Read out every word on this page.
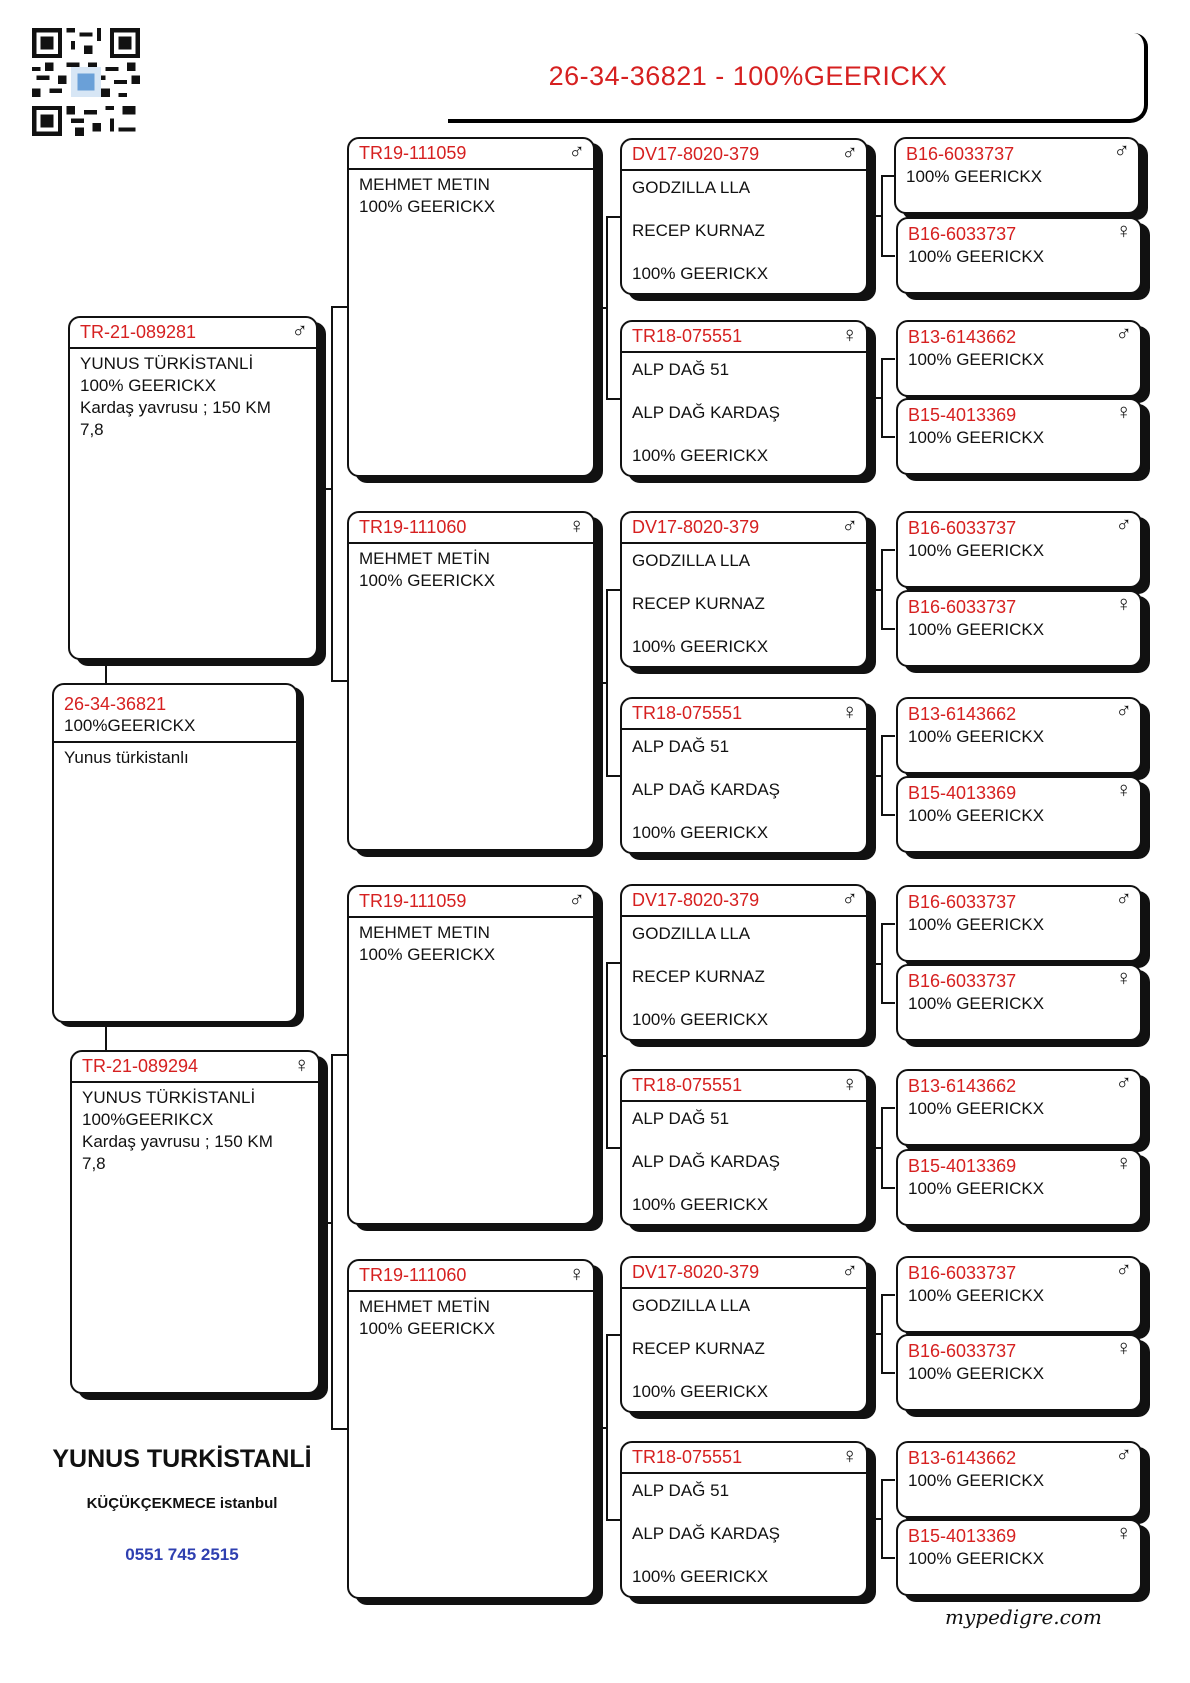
26-34-36821 - 100%GEERICKX
26-34-36821
100%GEERICKX
Yunus türkistanlı
TR-21-089281	♂
YUNUS TÜRKİSTANLİ
100% GEERICKX
Kardaş yavrusu ; 150 KM
7,8
TR-21-089294	♀
YUNUS TÜRKİSTANLİ
100%GEERIKCX
Kardaş yavrusu ; 150 KM
7,8
TR19-111059	♂
MEHMET METIN
100% GEERICKX
TR19-111060	♀
MEHMET METİN
100% GEERICKX
TR19-111059	♂
MEHMET METIN
100% GEERICKX
TR19-111060	♀
MEHMET METİN
100% GEERICKX
DV17-8020-379	♂
GODZILLA LLA
RECEP KURNAZ
100% GEERICKX
TR18-075551	♀
ALP DAĞ 51
ALP DAĞ KARDAŞ
100% GEERICKX
DV17-8020-379	♂
GODZILLA LLA
RECEP KURNAZ
100% GEERICKX
TR18-075551	♀
ALP DAĞ 51
ALP DAĞ KARDAŞ
100% GEERICKX
DV17-8020-379	♂
GODZILLA LLA
RECEP KURNAZ
100% GEERICKX
TR18-075551	♀
ALP DAĞ 51
ALP DAĞ KARDAŞ
100% GEERICKX
DV17-8020-379	♂
GODZILLA LLA
RECEP KURNAZ
100% GEERICKX
TR18-075551	♀
ALP DAĞ 51
ALP DAĞ KARDAŞ
100% GEERICKX
B16-6033737	♂
100% GEERICKX
B16-6033737	♀
100% GEERICKX
B13-6143662	♂
100% GEERICKX
B15-4013369	♀
100% GEERICKX
B16-6033737	♂
100% GEERICKX
B16-6033737	♀
100% GEERICKX
B13-6143662	♂
100% GEERICKX
B15-4013369	♀
100% GEERICKX
B16-6033737	♂
100% GEERICKX
B16-6033737	♀
100% GEERICKX
B13-6143662	♂
100% GEERICKX
B15-4013369	♀
100% GEERICKX
B16-6033737	♂
100% GEERICKX
B16-6033737	♀
100% GEERICKX
B13-6143662	♂
100% GEERICKX
B15-4013369	♀
100% GEERICKX
YUNUS TURKİSTANLİ
KÜÇÜKÇEKMECE istanbul
0551 745 2515
mypedigre.com
